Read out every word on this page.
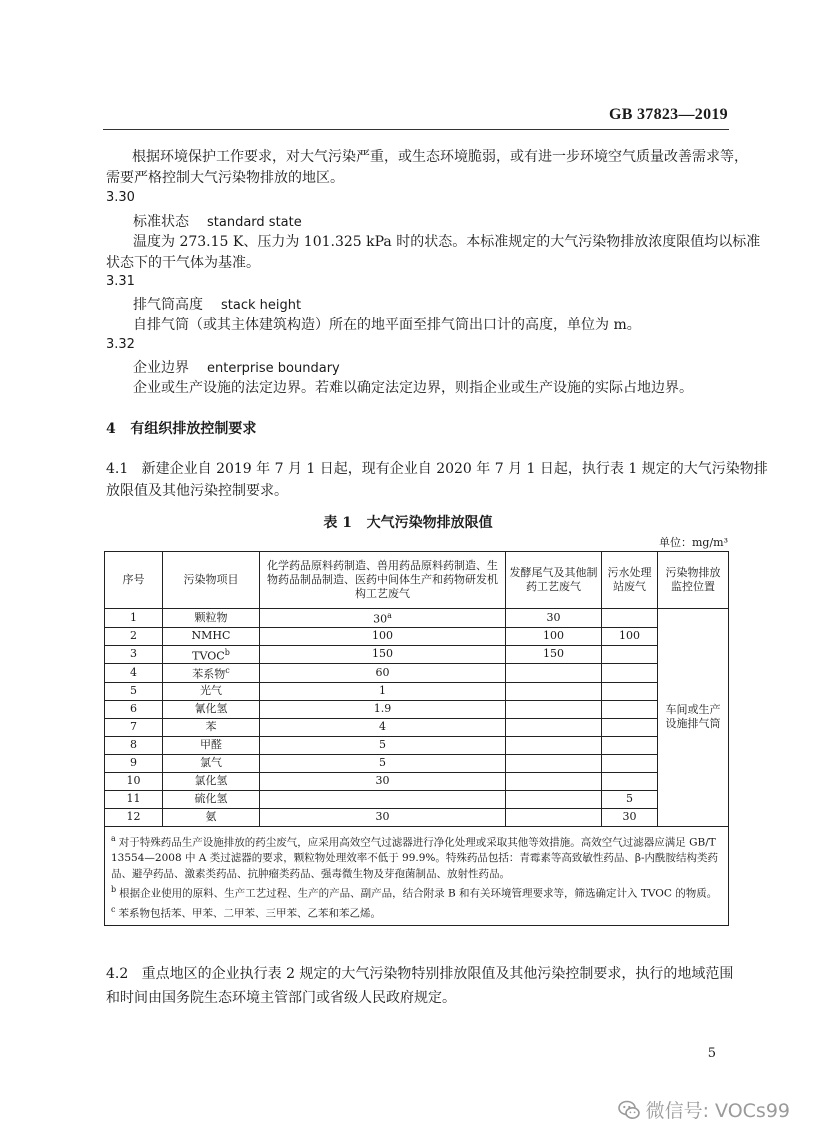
GB 37823—2019
根据环境保护工作要求，对大气污染严重，或生态环境脆弱，或有进一步环境空气质量改善需求等，
需要严格控制大气污染物排放的地区。
3.30
标准状态 standard state
温度为 273.15 K、压力为 101.325 kPa 时的状态。本标准规定的大气污染物排放浓度限值均以标准
状态下的干气体为基准。
3.31
排气筒高度 stack height
自排气筒（或其主体建筑构造）所在的地平面至排气筒出口计的高度，单位为 m。
3.32
企业边界 enterprise boundary
企业或生产设施的法定边界。若难以确定法定边界，则指企业或生产设施的实际占地边界。
4   有组织排放控制要求
4.1   新建企业自 2019 年 7 月 1 日起，现有企业自 2020 年 7 月 1 日起，执行表 1 规定的大气污染物排
放限值及其他污染控制要求。
表 1   大气污染物排放限值
单位：mg/m³
序号	污染物项目	化学药品原料药制造、兽用药品原料药制造、生物药品制品制造、医药中间体生产和药物研发机构工艺废气	发酵尾气及其他制药工艺废气	污水处理站废气	污染物排放监控位置
1	颗粒物	30$^a$	30		车间或生产设施排气筒
2	NMHC	100	100	100	
3	TVOC$^b$	150	150		
4	苯系物$^c$	60			
5	光气	1			
6	氰化氢	1.9			
7	苯	4			
8	甲醛	5			
9	氯气	5			
10	氯化氢	30			
11	硫化氢			5	
12	氨	30		30	

$^a$ 对于特殊药品生产设施排放的药尘废气，应采用高效空气过滤器进行净化处理或采取其他等效措施。高效空气过滤器应满足 GB/T 13554—2008 中 A 类过滤器的要求，颗粒物处理效率不低于 99.9%。特殊药品包括：青霉素等高致敏性药品、β-内酰胺结构类药品、避孕药品、激素类药品、抗肿瘤类药品、强毒微生物及芽孢菌制品、放射性药品。
$^b$ 根据企业使用的原料、生产工艺过程、生产的产品、副产品，结合附录 B 和有关环境管理要求等，筛选确定计入 TVOC 的物质。
$^c$ 苯系物包括苯、甲苯、二甲苯、三甲苯、乙苯和苯乙烯。					
4.2   重点地区的企业执行表 2 规定的大气污染物特别排放限值及其他污染控制要求，执行的地域范围
和时间由国务院生态环境主管部门或省级人民政府规定。
5
微信号: VOCs99
